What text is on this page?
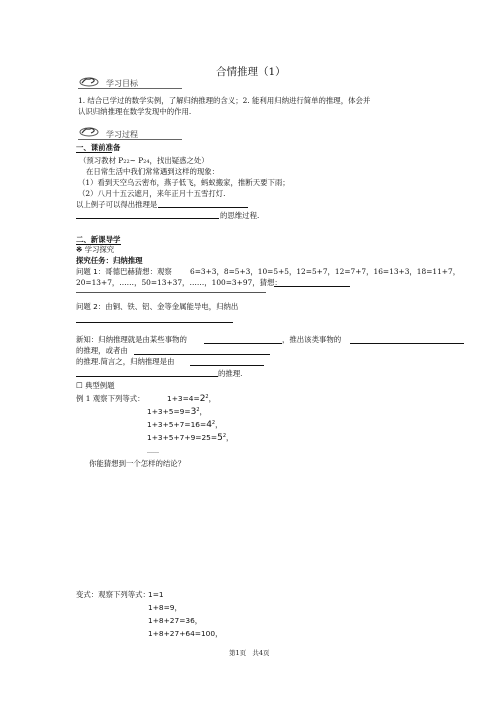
合情推理（1）
学习目标
1. 结合已学过的数学实例，了解归纳推理的含义；2. 能利用归纳进行简单的推理，体会并
认识归纳推理在数学发现中的作用.
学习过程
一、课前准备
（预习教材 P22~ P24，找出疑惑之处）
在日常生活中我们常常遇到这样的现象：
（1）看到天空乌云密布，燕子低飞，蚂蚁搬家，推断天要下雨；
（2）八月十五云遮月，来年正月十五雪打灯.
以上例子可以得出推理是
的思维过程.
二、新课导学
※ 学习探究
探究任务：归纳推理
问题 1：哥德巴赫猜想：观察 6=3+3，8=5+3，10=5+5，12=5+7，12=7+7，16=13+3，18=11+7，
20=13+7，……，50=13+37，……，100=3+97，猜想：
问题 2：由铜、铁、铝、金等金属能导电，归纳出
新知：归纳推理就是由某些事物的	，推出该类事物的
的推理，或者由
的推理.简言之，归纳推理是由
的推理.
☐ 典型例题
例 1 观察下列等式：	$1+3=4=2^2$，
$1+3+5=9=3^2$，
$1+3+5+7=16=4^2$，
$1+3+5+7+9=25=5^2$，
……
你能猜想到一个怎样的结论？
变式：观察下列等式：
1=1
1+8=9，
1+8+27=36，
1+8+27+64=100，
第1页 共4页
